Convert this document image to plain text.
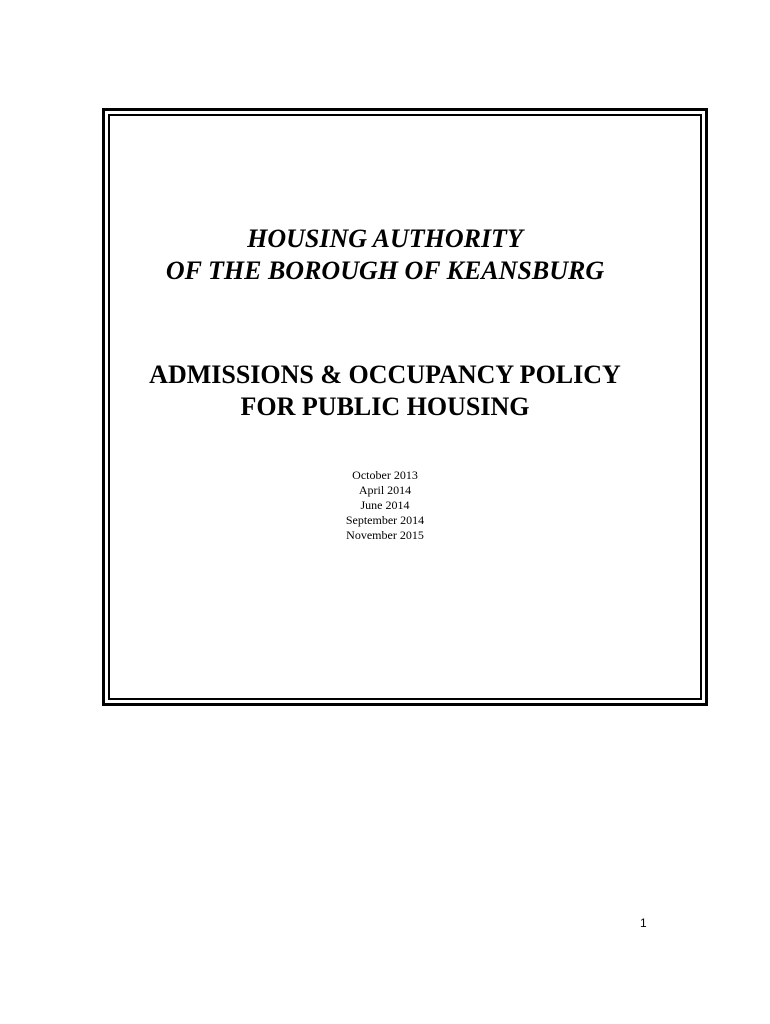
HOUSING AUTHORITY
OF THE BOROUGH OF KEANSBURG
ADMISSIONS & OCCUPANCY POLICY
FOR PUBLIC HOUSING
October 2013
April 2014
June 2014
September 2014
November 2015
1
